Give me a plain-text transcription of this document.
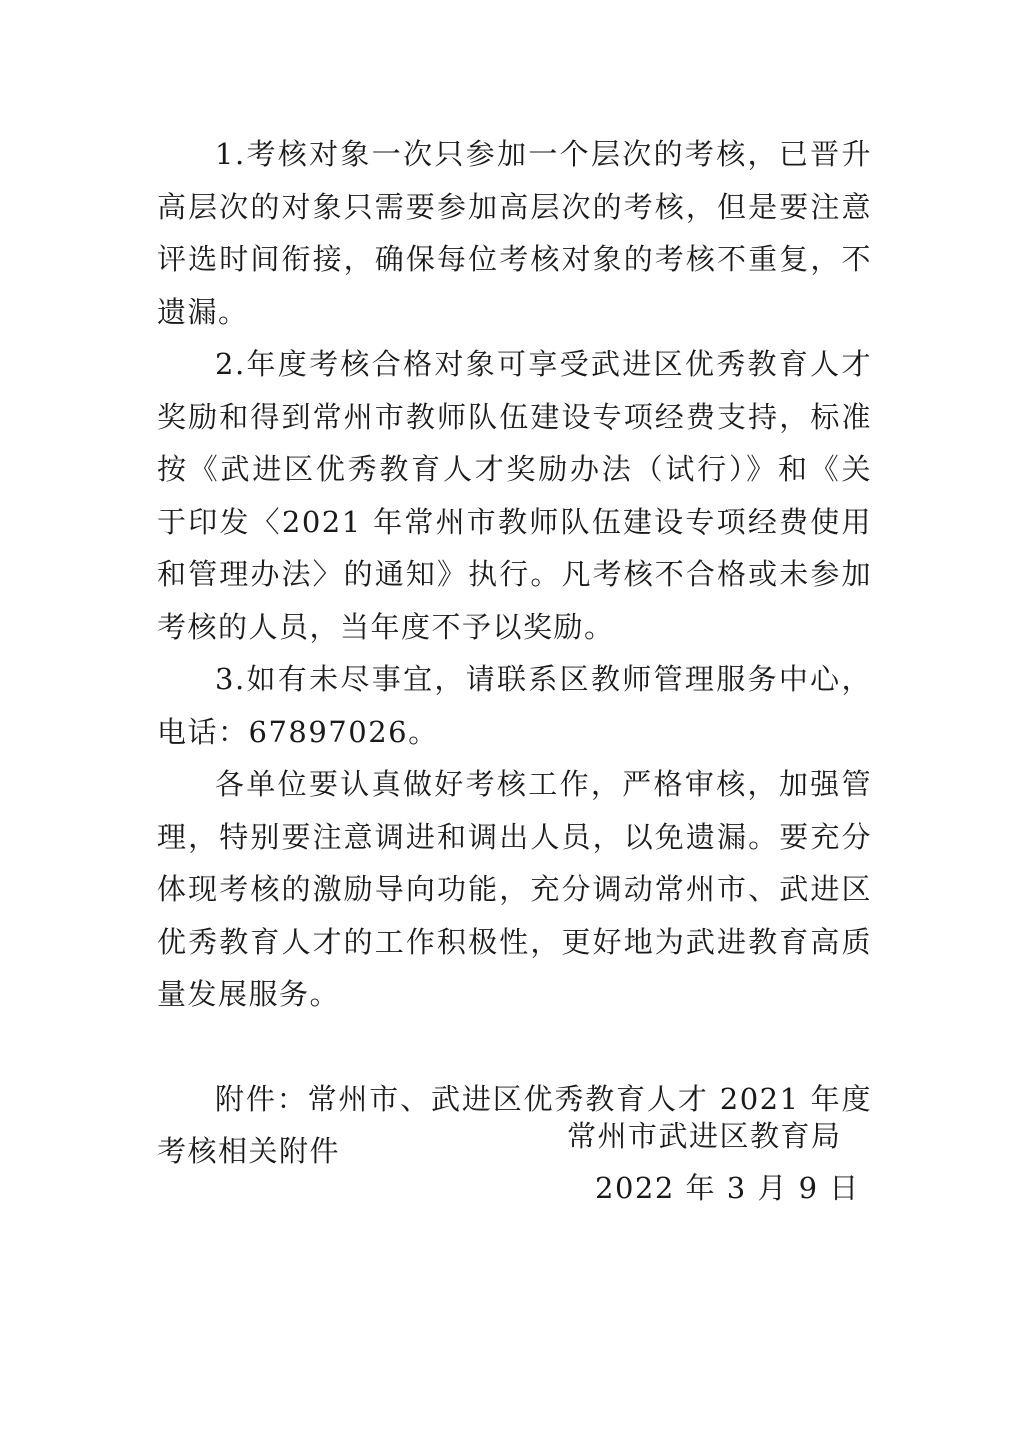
1.考核对象一次只参加一个层次的考核，已晋升高层次的对象只需要参加高层次的考核，但是要注意评选时间衔接，确保每位考核对象的考核不重复，不遗漏。

2.年度考核合格对象可享受武进区优秀教育人才奖励和得到常州市教师队伍建设专项经费支持，标准按《武进区优秀教育人才奖励办法（试行）》和《关于印发〈2021 年常州市教师队伍建设专项经费使用和管理办法〉的通知》执行。凡考核不合格或未参加考核的人员，当年度不予以奖励。

3.如有未尽事宜，请联系区教师管理服务中心，电话：67897026。

各单位要认真做好考核工作，严格审核，加强管理，特别要注意调进和调出人员，以免遗漏。要充分体现考核的激励导向功能，充分调动常州市、武进区优秀教育人才的工作积极性，更好地为武进教育高质量发展服务。

附件：常州市、武进区优秀教育人才 2021 年度考核相关附件	常州市武进区教育局
2022 年 3 月 9 日
